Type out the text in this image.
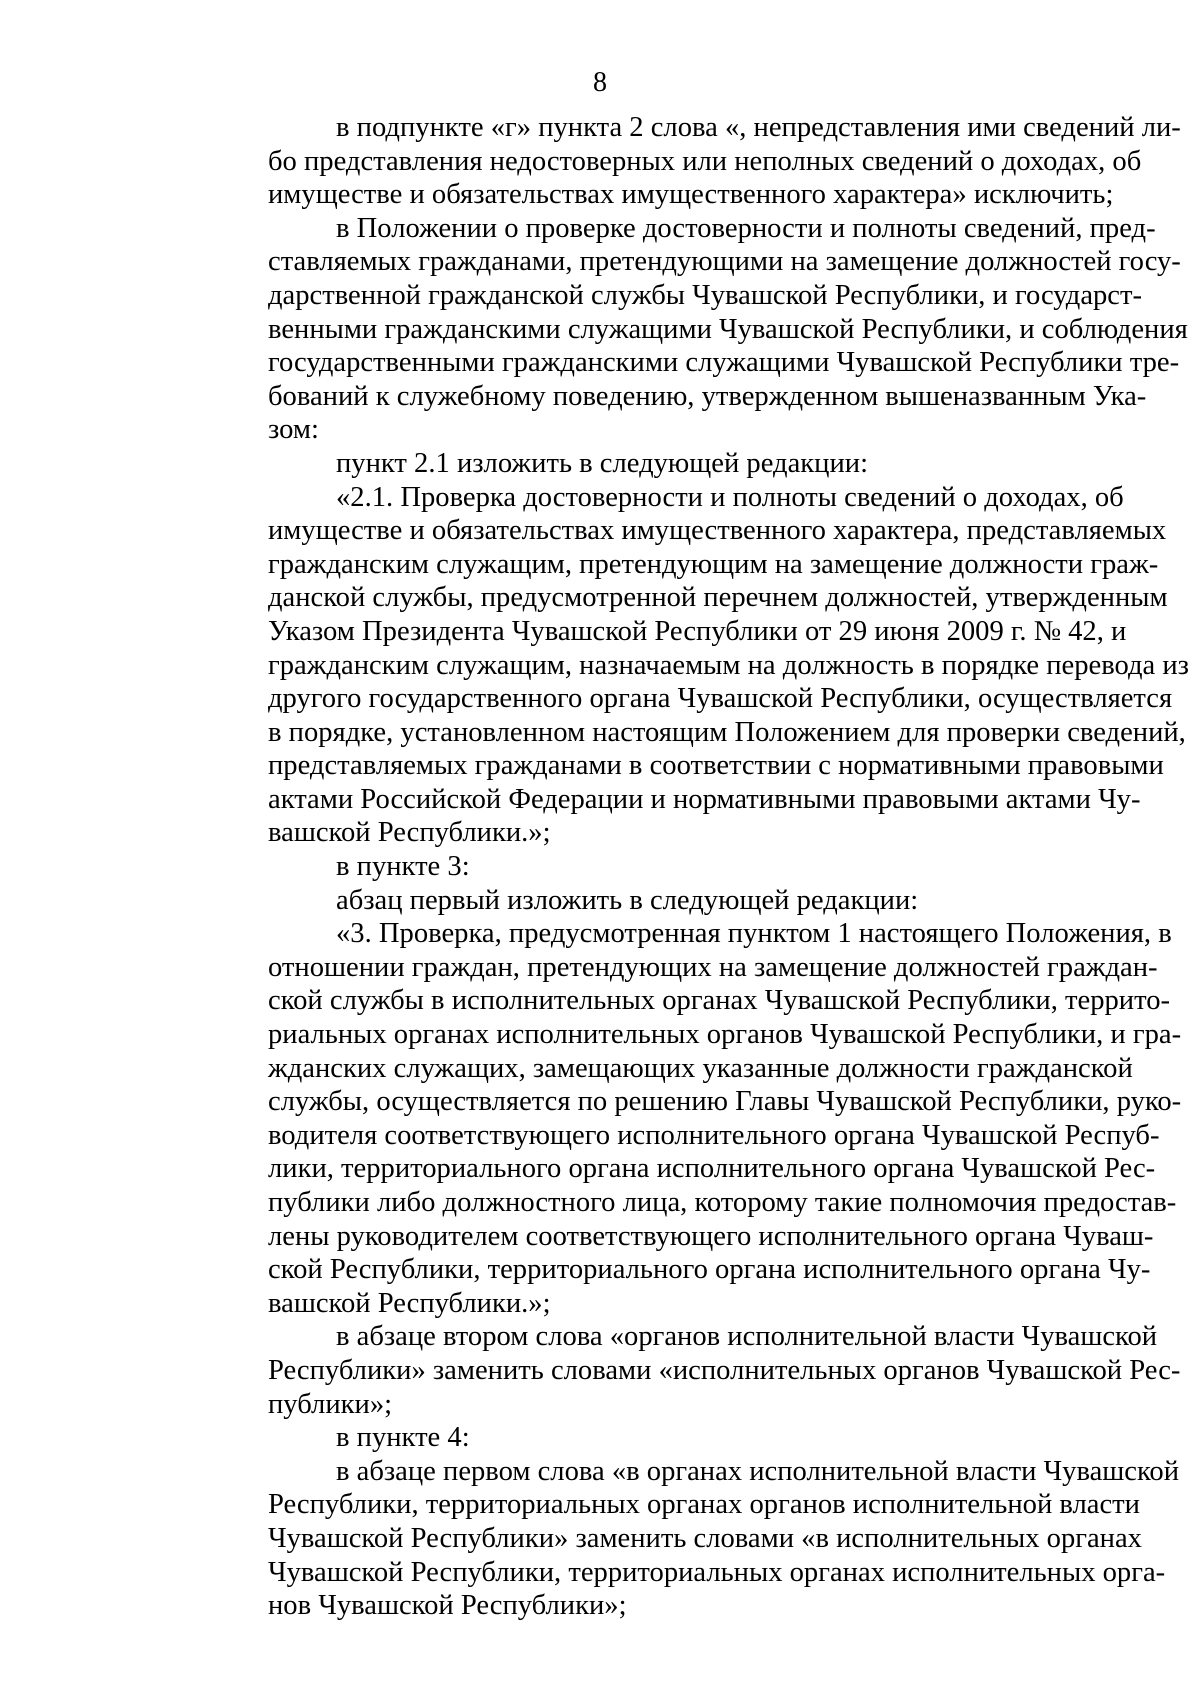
8
в подпункте «г» пункта 2 слова «, непредставления ими сведений ли-
бо представления недостоверных или неполных сведений о доходах, об
имуществе и обязательствах имущественного характера» исключить;
в Положении о проверке достоверности и полноты сведений, пред-
ставляемых гражданами, претендующими на замещение должностей госу-
дарственной гражданской службы Чувашской Республики, и государст-
венными гражданскими служащими Чувашской Республики, и соблюдения
государственными гражданскими служащими Чувашской Республики тре-
бований к служебному поведению, утвержденном вышеназванным Ука-
зом:
пункт 2.1 изложить в следующей редакции:
«2.1. Проверка достоверности и полноты сведений о доходах, об
имуществе и обязательствах имущественного характера, представляемых
гражданским служащим, претендующим на замещение должности граж-
данской службы, предусмотренной перечнем должностей, утвержденным
Указом Президента Чувашской Республики от 29 июня 2009 г. № 42, и
гражданским служащим, назначаемым на должность в порядке перевода из
другого государственного органа Чувашской Республики, осуществляется
в порядке, установленном настоящим Положением для проверки сведений,
представляемых гражданами в соответствии с нормативными правовыми
актами Российской Федерации и нормативными правовыми актами Чу-
вашской Республики.»;
в пункте 3:
абзац первый изложить в следующей редакции:
«3. Проверка, предусмотренная пунктом 1 настоящего Положения, в
отношении граждан, претендующих на замещение должностей граждан-
ской службы в исполнительных органах Чувашской Республики, террито-
риальных органах исполнительных органов Чувашской Республики, и гра-
жданских служащих, замещающих указанные должности гражданской
службы, осуществляется по решению Главы Чувашской Республики, руко-
водителя соответствующего исполнительного органа Чувашской Респуб-
лики, территориального органа исполнительного органа Чувашской Рес-
публики либо должностного лица, которому такие полномочия предостав-
лены руководителем соответствующего исполнительного органа Чуваш-
ской Республики, территориального органа исполнительного органа Чу-
вашской Республики.»;
в абзаце втором слова «органов исполнительной власти Чувашской
Республики» заменить словами «исполнительных органов Чувашской Рес-
публики»;
в пункте 4:
в абзаце первом слова «в органах исполнительной власти Чувашской
Республики, территориальных органах органов исполнительной власти
Чувашской Республики» заменить словами «в исполнительных органах
Чувашской Республики, территориальных органах исполнительных орга-
нов Чувашской Республики»;
